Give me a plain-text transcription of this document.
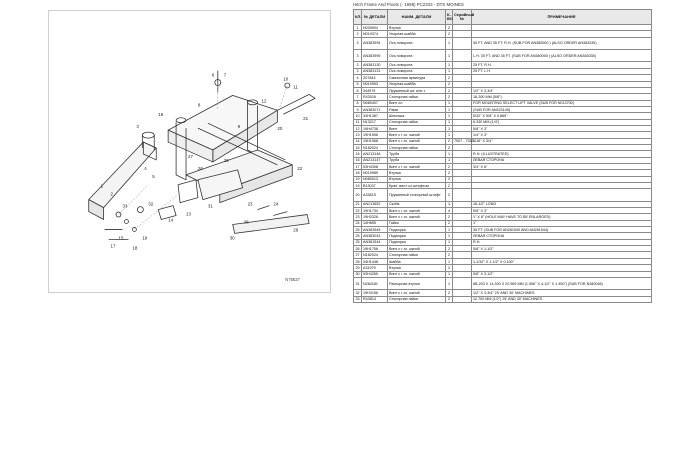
1
2
3
4
5
6 7
8
9
10
11
12
13
14
15
16
17	18
19
20
21
22
23	24
25
26
27
28
29
30
31
32
33
N76527
Hitch Frame And Pivots (- 1998) PC2333 - DTS MOINES
КЛ.	№ ДЕТАЛИ	НАИМ. ДЕТАЛИ	К-ВО	Серийный №	ПРИМЕЧАНИЯ
1	N039904	Втулка	2		
2	N019374	Упорная шайба	2		
3	AN383994	Ось поворота	1		30 FT. AND 35 FT. R.H. (SUB FOR AN380000 ) (ALSO ORDER AN383035)
3	AN383995	Ось поворота	1		L.H. 30 FT. AND 35 FT. (SUB FOR AN380000 ) (ALSO ORDER AN383035)
3	AN383130	Ось поворота	1		25 FT. R.H.
3	AN383131	Ось поворота	1		25 FT. L.H.
4	Z07844	Смазочная арматура	2		
5	N019953	Упорная шайба	2		
6	344979	Пружинный шт. или т	2		1/2" X 3-3/4"
7	R43016	Стопорная гайка	2		16-300 MM (5/8")
8	N080407	Винт ол	1		FOR MOUNTING SELECT LIFT VALVE (SUB FOR N013700)
9	AN383071	Рама	1		(SUB FOR AN323145)
10	34H1387	Шпилька	1		5/32" X 5/8" X 0.865"
11	N13217	Стопорная гайка	1		6.330 MM (1/4")
12	19H4738	Винт	1		5/8" X 3"
13	19H1596	Винт с г-го. ожной	1		1/4" X 3"
14	19H1568	Винт с г-го. ожной	2	7007 - 7363	5/16" X 3/4"
15	N182024	Стопорная гайка	2		
16	AN213146	Труба	1		R.H. (ILLUSTRATED)
16	AN213147	Труба	1		ЛЕВАЯ СТОРОНА
17	03H4308	Винт с г-го. ожной	2		3/4" X 6"
18	N019989	Втулка	2		
19	N080013	Втулка	2		
19	B13037	Крап. винт со штифтом	2		
20	A3381S	Пружинный стопорный штифт	2		
21	AN213652	Скоба	1		16-1/2" LONG
22	19H1734	Винт с г-го. ожной	4		5/8" X 3"
23	19H3326	Винт с г-го. ожной	2		1" X 8" (HOLE MAY HAVE TO BE ENLARGED)
24	14H855	Гайка	2		1"
25	AN383949	Подпорка	1		35 FT. (SUB FOR AN261540 AND AN261544)
25	AN383043	Подпорка	1		ЛЕВАЯ СТОРОНА
25	AN381544	Подпорка	1		R.H.
26	19H1756	Винт с г-го. ожной	2		5/8" X 1-1/2"
27	N182024	Стопорная гайка	2		
28	34H1448	Шайба	1		1-1/32" X 1-1/2" X 0.100"
29	A31979	Втулка	2		
30	03H4265	Винт с г-го. ожной	1		5/8" X 3-1/2"
31	N284181	Распорная втулка	1		6B-203 X 14.300 X 20.569 MM (1.506" X 4-1/2" X 1.400") (SUB FOR N280046)
32	19H3156	Винт с г-го. ожной	2		1/2" X 3-3/4" 25' AND 30' MACHINES
33	R43814	Стопорная гайка	2		12.700 MM (1/2") 25' AND 30' MACHINES
